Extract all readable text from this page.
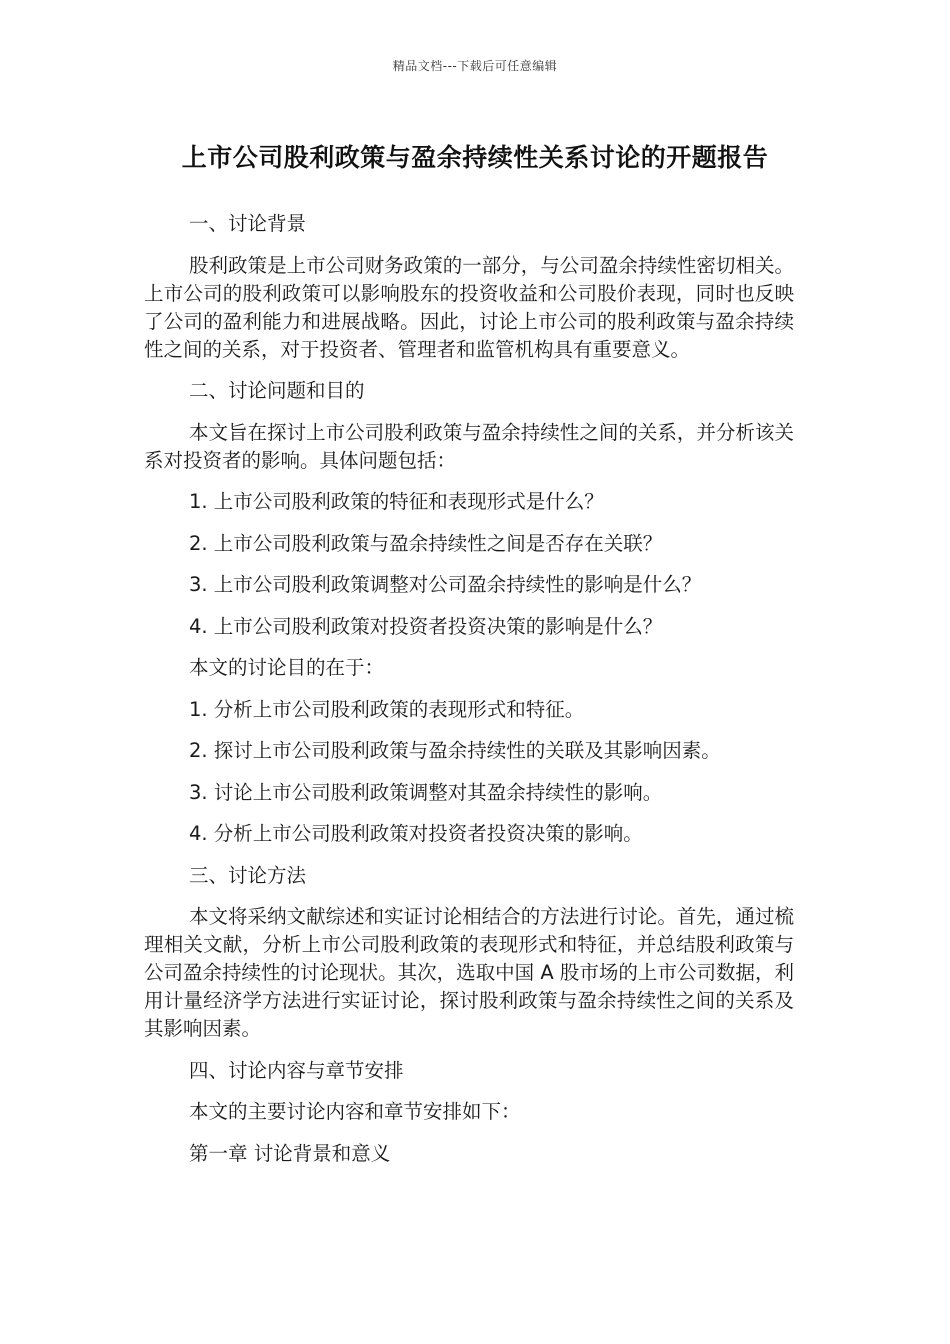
精品文档---下载后可任意编辑
上市公司股利政策与盈余持续性关系讨论的开题报告
一、讨论背景
股利政策是上市公司财务政策的一部分，与公司盈余持续性密切相关。上市公司的股利政策可以影响股东的投资收益和公司股价表现，同时也反映了公司的盈利能力和进展战略。因此，讨论上市公司的股利政策与盈余持续性之间的关系，对于投资者、管理者和监管机构具有重要意义。
二、讨论问题和目的
本文旨在探讨上市公司股利政策与盈余持续性之间的关系，并分析该关系对投资者的影响。具体问题包括：
1. 上市公司股利政策的特征和表现形式是什么？
2. 上市公司股利政策与盈余持续性之间是否存在关联？
3. 上市公司股利政策调整对公司盈余持续性的影响是什么？
4. 上市公司股利政策对投资者投资决策的影响是什么？
本文的讨论目的在于：
1. 分析上市公司股利政策的表现形式和特征。
2. 探讨上市公司股利政策与盈余持续性的关联及其影响因素。
3. 讨论上市公司股利政策调整对其盈余持续性的影响。
4. 分析上市公司股利政策对投资者投资决策的影响。
三、讨论方法
本文将采纳文献综述和实证讨论相结合的方法进行讨论。首先，通过梳理相关文献，分析上市公司股利政策的表现形式和特征，并总结股利政策与公司盈余持续性的讨论现状。其次，选取中国 A 股市场的上市公司数据，利用计量经济学方法进行实证讨论，探讨股利政策与盈余持续性之间的关系及其影响因素。
四、讨论内容与章节安排
本文的主要讨论内容和章节安排如下：
第一章 讨论背景和意义
